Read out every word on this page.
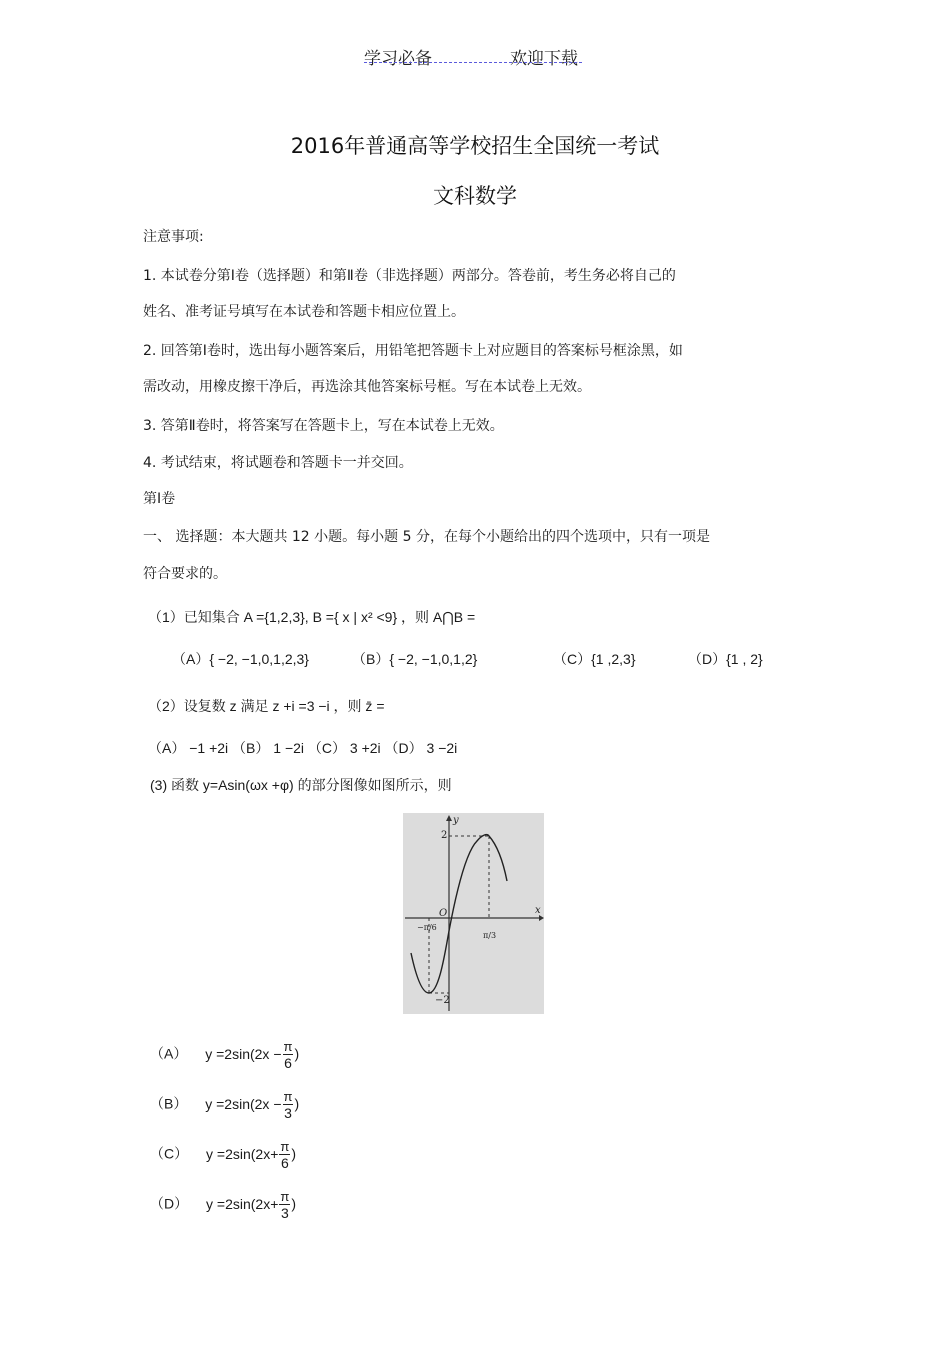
学习必备	欢迎下载
2016年普通高等学校招生全国统一考试
文科数学
注意事项:
1. 本试卷分第Ⅰ卷（选择题）和第Ⅱ卷（非选择题）两部分。答卷前，考生务必将自己的
姓名、准考证号填写在本试卷和答题卡相应位置上。
2. 回答第Ⅰ卷时，选出每小题答案后，用铅笔把答题卡上对应题目的答案标号框涂黑，如
需改动，用橡皮擦干净后，再选涂其他答案标号框。写在本试卷上无效。
3. 答第Ⅱ卷时，将答案写在答题卡上，写在本试卷上无效。
4. 考试结束，将试题卷和答题卡一并交回。
第Ⅰ卷
一、 选择题：本大题共 12 小题。每小题 5 分，在每个小题给出的四个选项中，只有一项是
符合要求的。
（1）已知集合 A ={1,2,3}, B ={ x | x² <9} ，则 A⋂B =
（A）{ −2, −1,0,1,2,3}	（B）{ −2, −1,0,1,2}	（C）{1 ,2,3}	（D）{1 , 2}
（2）设复数 z 满足 z +i =3 −i ，则 z̄ =
（A） −1 +2i （B） 1 −2i （C） 3 +2i （D） 3 −2i
(3) 函数 y=Asin(ωx +φ) 的部分图像如图所示，则
y
x
2
O
−2
−π/6
π/3
（A） $y =2\sin(2x - \frac{\pi}{6}$ )
（B） $y =2\sin(2x - \frac{\pi}{3}$ )
（C） $y =2\sin(2x+ \frac{\pi}{6}$ )
（D） $y =2\sin(2x+ \frac{\pi}{3}$ )
